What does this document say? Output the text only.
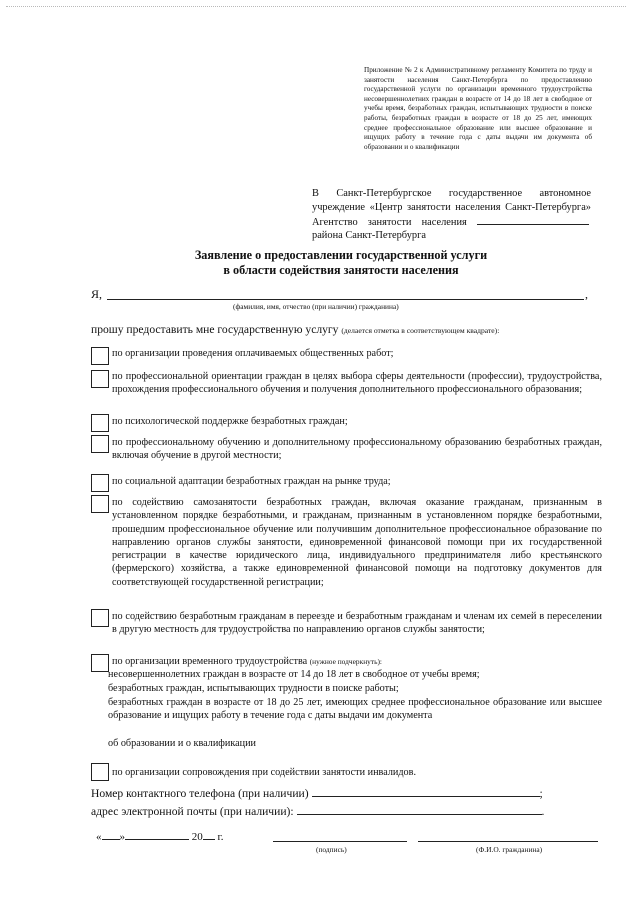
Приложение № 2 к Административному регламенту Комитета по труду и занятости населения Санкт-Петербурга по предоставлению государственной услуги по организации временного трудоустройства несовершеннолетних граждан в возрасте от 14 до 18 лет в свободное от учебы время, безработных граждан, испытывающих трудности в поиске работы, безработных граждан в возрасте от 18 до 25 лет, имеющих среднее профессиональное образование или высшее образование и ищущих работу в течение года с даты выдачи им документа об образовании и о квалификации
В Санкт-Петербургское государственное автономное учреждение «Центр занятости населения Санкт-Петербурга» Агентство занятости населения района Санкт-Петербурга
Заявление о предоставлении государственной услуги
в области содействия занятости населения
Я,	,
(фамилия, имя, отчество (при наличии) гражданина)
прошу предоставить мне государственную услугу (делается отметка в соответствующем квадрате):
по организации проведения оплачиваемых общественных работ;
по профессиональной ориентации граждан в целях выбора сферы деятельности (профессии), трудоустройства, прохождения профессионального обучения и получения дополнительного профессионального образования;
по психологической поддержке безработных граждан;
по профессиональному обучению и дополнительному профессиональному образованию безработных граждан, включая обучение в другой местности;
по социальной адаптации безработных граждан на рынке труда;
по содействию самозанятости безработных граждан, включая оказание гражданам, признанным в установленном порядке безработными, и гражданам, признанным в установленном порядке безработными, прошедшим профессиональное обучение или получившим дополнительное профессиональное образование по направлению органов службы занятости, единовременной финансовой помощи при их государственной регистрации в качестве юридического лица, индивидуального предпринимателя либо крестьянского (фермерского) хозяйства, а также единовременной финансовой помощи на подготовку документов для соответствующей государственной регистрации;
по содействию безработным гражданам в переезде и безработным гражданам и членам их семей в переселении в другую местность для трудоустройства по направлению органов службы занятости;
по организации временного трудоустройства (нужное подчеркнуть):
несовершеннолетних граждан в возрасте от 14 до 18 лет в свободное от учебы время;
безработных граждан, испытывающих трудности в поиске работы;
безработных граждан в возрасте от 18 до 25 лет, имеющих среднее профессиональное образование или высшее образование и ищущих работу в течение года с даты выдачи им документа
об образовании и о квалификации
по организации сопровождения при содействии занятости инвалидов.
Номер контактного телефона (при наличии)	;
адрес электронной почты (при наличии):	.
« »	20 г.
(подпись)	(Ф.И.О. гражданина)
